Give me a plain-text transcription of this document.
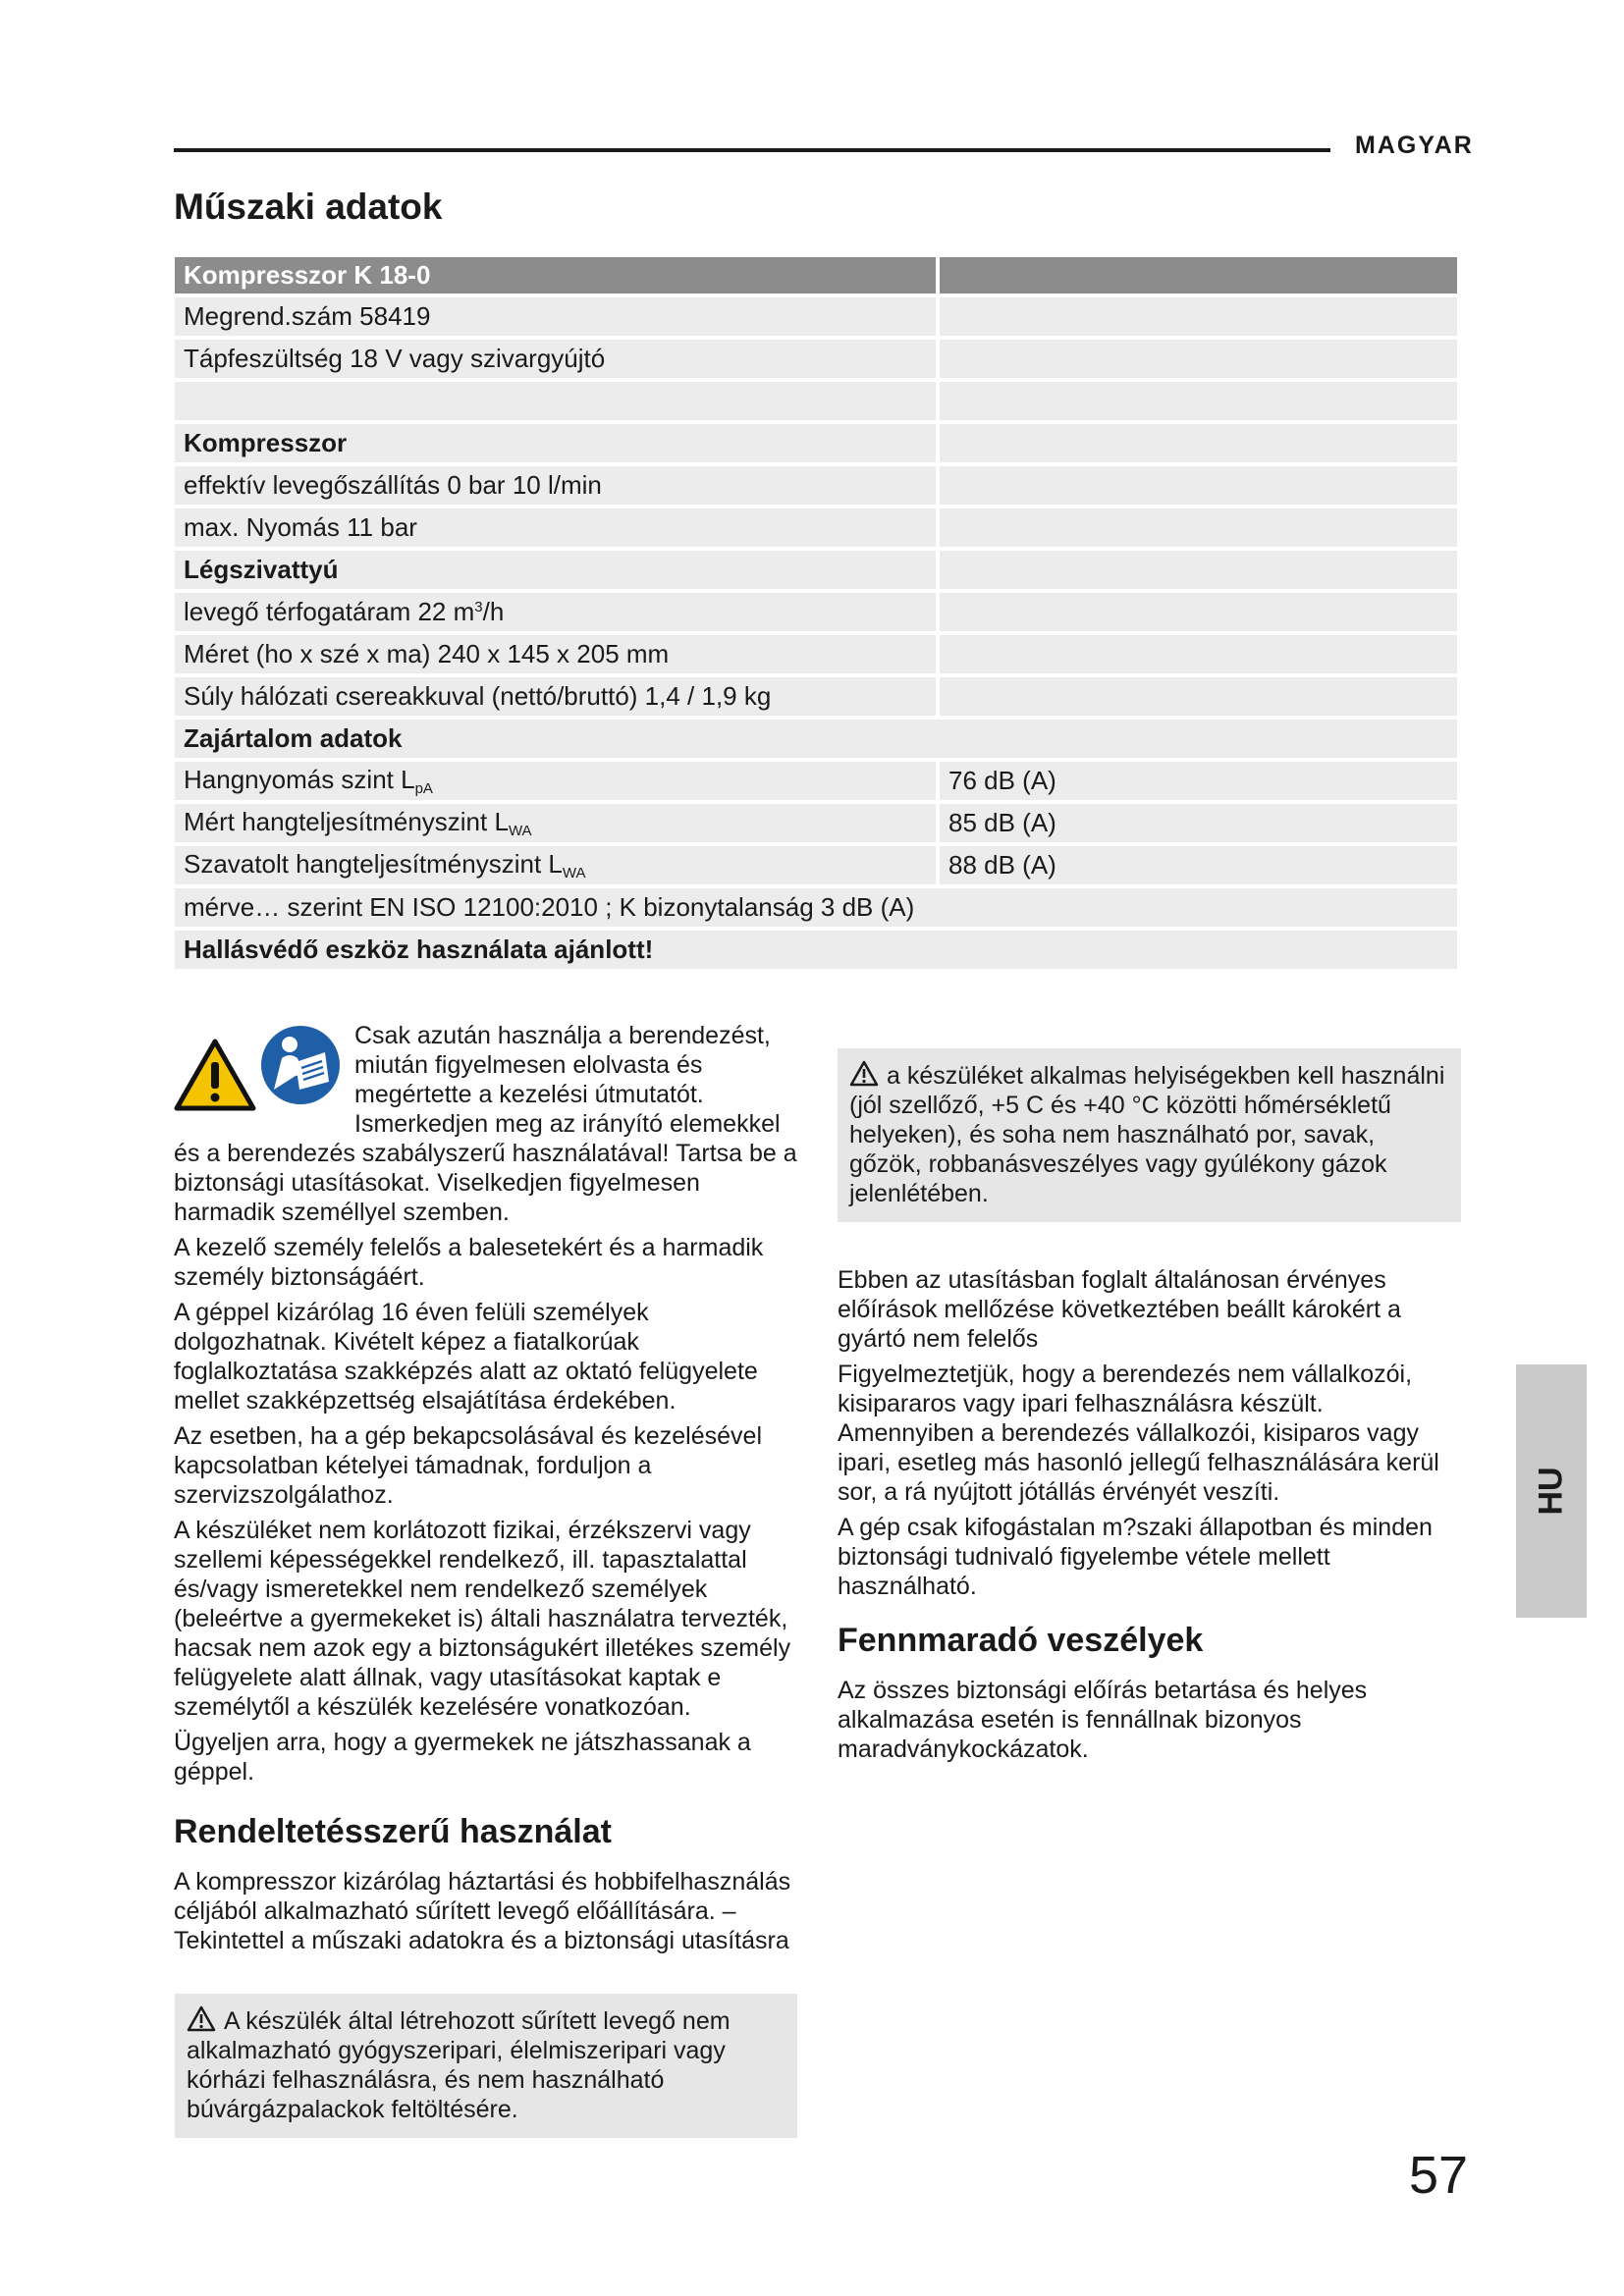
MAGYAR
Műszaki adatok
Kompresszor K 18-0	
Megrend.szám 58419	
Tápfeszültség 18 V vagy szivargyújtó	

Kompresszor	
effektív levegőszállítás 0 bar 10 l/min	
max. Nyomás 11 bar	
Légszivattyú	
levegő térfogatáram 22 $m^3/h$	
Méret (ho x szé x ma) 240 x 145 x 205 mm	
Súly hálózati csereakkuval (nettó/bruttó) 1,4 / 1,9 kg	
Zajártalom adatok	
Hangnyomás szint $L_{pA}$	76 dB (A)
Mért hangteljesítményszint $L_{WA}$	85 dB (A)
Szavatolt hangteljesítményszint $L_{WA}$	88 dB (A)
mérve… szerint EN ISO 12100:2010 ; K bizonytalanság 3 dB (A)	
Hallásvédő eszköz használata ajánlott!	

Csak azután használja a berendezést, miután figyelmesen elolvasta és megértette a kezelési útmutatót. Ismerkedjen meg az irányító elemekkel és a berendezés szabályszerű használatával! Tartsa be a biztonsági utasításokat. Viselkedjen figyelmesen harmadik személlyel szemben.

A kezelő személy felelős a balesetekért és a harmadik személy biztonságáért.

A géppel kizárólag 16 éven felüli személyek dolgozhatnak. Kivételt képez a fiatalkorúak foglalkoztatása szakképzés alatt az oktató felügyelete mellet szakképzettség elsajátítása érdekében.

Az esetben, ha a gép bekapcsolásával és kezelésével kapcsolatban kételyei támadnak, forduljon a szervizszolgálathoz.

A készüléket nem korlátozott fizikai, érzékszervi vagy szellemi képességekkel rendelkező, ill. tapasztalattal és/vagy ismeretekkel nem rendelkező személyek (beleértve a gyermekeket is) általi használatra tervezték, hacsak nem azok egy a biztonságukért illetékes személy felügyelete alatt állnak, vagy utasításokat kaptak e személytől a készülék kezelésére vonatkozóan.

Ügyeljen arra, hogy a gyermekek ne játszhassanak a géppel.

Rendeltetésszerű használat

A kompresszor kizárólag háztartási és hobbifelhasználás céljából alkalmazható sűrített levegő előállítására. – Tekintettel a műszaki adatokra és a biztonsági utasításra

A készülék által létrehozott sűrített levegő nem alkalmazható gyógyszeripari, élelmiszeripari vagy kórházi felhasználásra, és nem használható búvárgázpalackok feltöltésére.
a készüléket alkalmas helyiségekben kell használni (jól szellőző, +5 C és +40 °C közötti hőmérsékletű helyeken), és soha nem használható por, savak, gőzök, robbanásveszélyes vagy gyúlékony gázok jelenlétében.

Ebben az utasításban foglalt általánosan érvényes előírások mellőzése következtében beállt károkért a gyártó nem felelős

Figyelmeztetjük, hogy a berendezés nem vállalkozói, kisipararos vagy ipari felhasználásra készült. Amennyiben a berendezés vállalkozói, kisiparos vagy ipari, esetleg más hasonló jellegű felhasználására kerül sor, a rá nyújtott jótállás érvényét veszíti.

A gép csak kifogástalan m?szaki állapotban és minden biztonsági tudnivaló figyelembe vétele mellett használható.

Fennmaradó veszélyek

Az összes biztonsági előírás betartása és helyes alkalmazása esetén is fennállnak bizonyos maradványkockázatok.

HU
57
